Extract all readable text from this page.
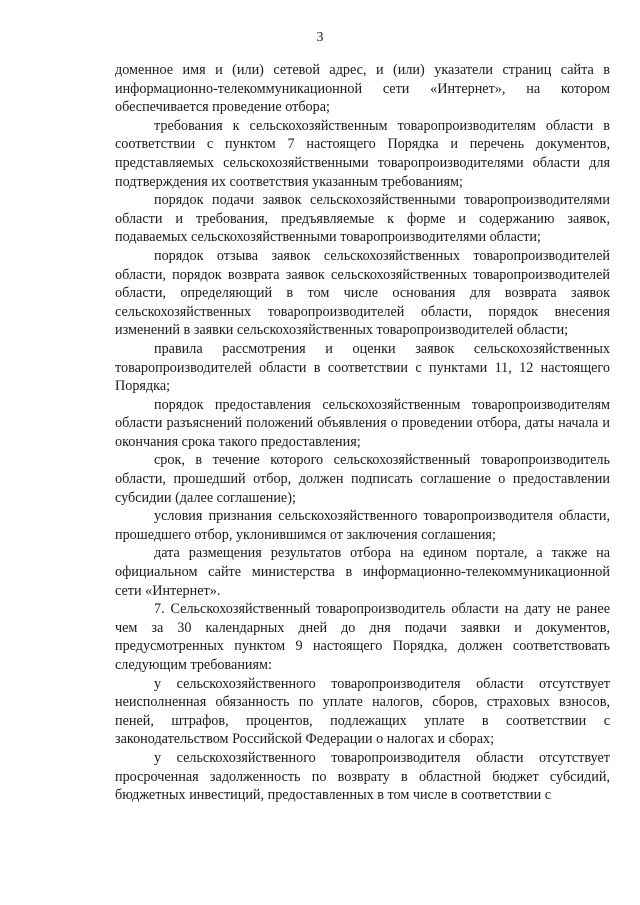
3

доменное имя и (или) сетевой адрес, и (или) указатели страниц сайта в информационно-телекоммуникационной сети «Интернет», на котором обеспечивается проведение отбора;

требования к сельскохозяйственным товаропроизводителям области в соответствии с пунктом 7 настоящего Порядка и перечень документов, представляемых сельскохозяйственными товаропроизводителями области для подтверждения их соответствия указанным требованиям;

порядок подачи заявок сельскохозяйственными товаропроизводителями области и требования, предъявляемые к форме и содержанию заявок, подаваемых сельскохозяйственными товаропроизводителями области;

порядок отзыва заявок сельскохозяйственных товаропроизводителей области, порядок возврата заявок сельскохозяйственных товаропроизводителей области, определяющий в том числе основания для возврата заявок сельскохозяйственных товаропроизводителей области, порядок внесения изменений в заявки сельскохозяйственных товаропроизводителей области;

правила рассмотрения и оценки заявок сельскохозяйственных товаропроизводителей области в соответствии с пунктами 11, 12 настоящего Порядка;

порядок предоставления сельскохозяйственным товаропроизводителям области разъяснений положений объявления о проведении отбора, даты начала и окончания срока такого предоставления;

срок, в течение которого сельскохозяйственный товаропроизводитель области, прошедший отбор, должен подписать соглашение о предоставлении субсидии (далее соглашение);

условия признания сельскохозяйственного товаропроизводителя области, прошедшего отбор, уклонившимся от заключения соглашения;

дата размещения результатов отбора на едином портале, а также на официальном сайте министерства в информационно-телекоммуникационной сети «Интернет».

7. Сельскохозяйственный товаропроизводитель области на дату не ранее чем за 30 календарных дней до дня подачи заявки и документов, предусмотренных пунктом 9 настоящего Порядка, должен соответствовать следующим требованиям:

у сельскохозяйственного товаропроизводителя области отсутствует неисполненная обязанность по уплате налогов, сборов, страховых взносов, пеней, штрафов, процентов, подлежащих уплате в соответствии с законодательством Российской Федерации о налогах и сборах;

у сельскохозяйственного товаропроизводителя области отсутствует просроченная задолженность по возврату в областной бюджет субсидий, бюджетных инвестиций, предоставленных в том числе в соответствии с
